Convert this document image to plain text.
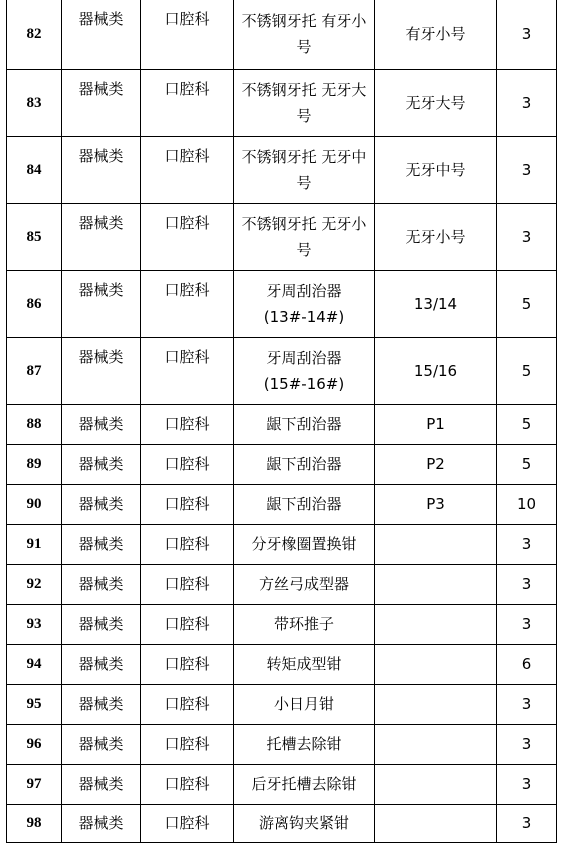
82	器械类	口腔科	不锈钢牙托 有牙小号	有牙小号	3
83	器械类	口腔科	不锈钢牙托 无牙大号	无牙大号	3
84	器械类	口腔科	不锈钢牙托 无牙中号	无牙中号	3
85	器械类	口腔科	不锈钢牙托 无牙小号	无牙小号	3
86	器械类	口腔科	牙周刮治器(13#-14#)	13/14	5
87	器械类	口腔科	牙周刮治器(15#-16#)	15/16	5
88	器械类	口腔科	龈下刮治器	P1	5
89	器械类	口腔科	龈下刮治器	P2	5
90	器械类	口腔科	龈下刮治器	P3	10
91	器械类	口腔科	分牙橡圈置换钳		3
92	器械类	口腔科	方丝弓成型器		3
93	器械类	口腔科	带环推子		3
94	器械类	口腔科	转矩成型钳		6
95	器械类	口腔科	小日月钳		3
96	器械类	口腔科	托槽去除钳		3
97	器械类	口腔科	后牙托槽去除钳		3
98	器械类	口腔科	游离钩夹紧钳		3
